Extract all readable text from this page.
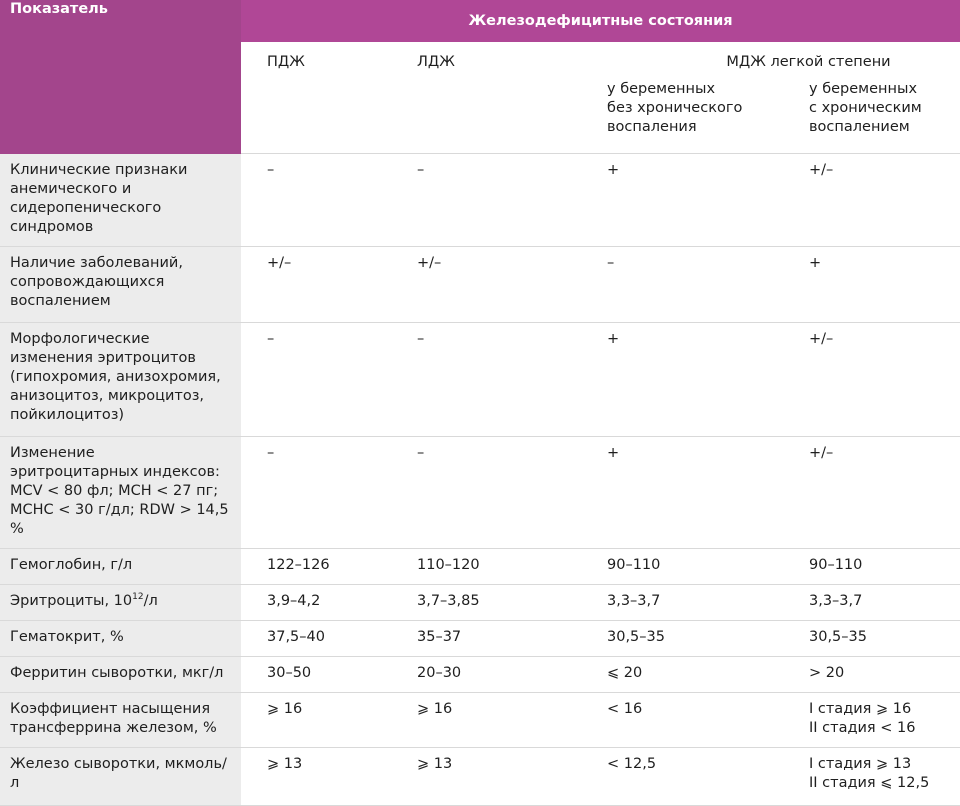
Показатель	Железодефицитные состояния			
	ПДЖ	ЛДЖ	МДЖ легкой степени	

			у беременных
без хронического
воспаления	у беременных
с хроническим
воспалением

Клинические признаки
анемического и
сидеропенического
синдромов	–	–	+	+/–

Наличие заболеваний,
сопровождающихся
воспалением	+/–	+/–	–	+

Морфологические
изменения эритроцитов
(гипохромия, анизохромия,
анизоцитоз, микроцитоз,
пойкилоцитоз)	–	–	+	+/–

Изменение
эритроцитарных индексов:
MCV < 80 фл; MCH < 27 пг;
MCHC < 30 г/дл; RDW > 14,5 %	–	–	+	+/–

Гемоглобин, г/л	122–126	110–120	90–110	90–110

Эритроциты, $10^{12}/л$	3,9–4,2	3,7–3,85	3,3–3,7	3,3–3,7

Гематокрит, %	37,5–40	35–37	30,5–35	30,5–35

Ферритин сыворотки, мкг/л	30–50	20–30	⩽ 20	> 20

Коэффициент насыщения
трансферрина железом, %	⩾ 16	⩾ 16	< 16	I стадия ⩾ 16
II стадия < 16

Железо сыворотки, мкмоль/л	⩾ 13	⩾ 13	< 12,5	I стадия ⩾ 13
II стадия ⩽ 12,5
